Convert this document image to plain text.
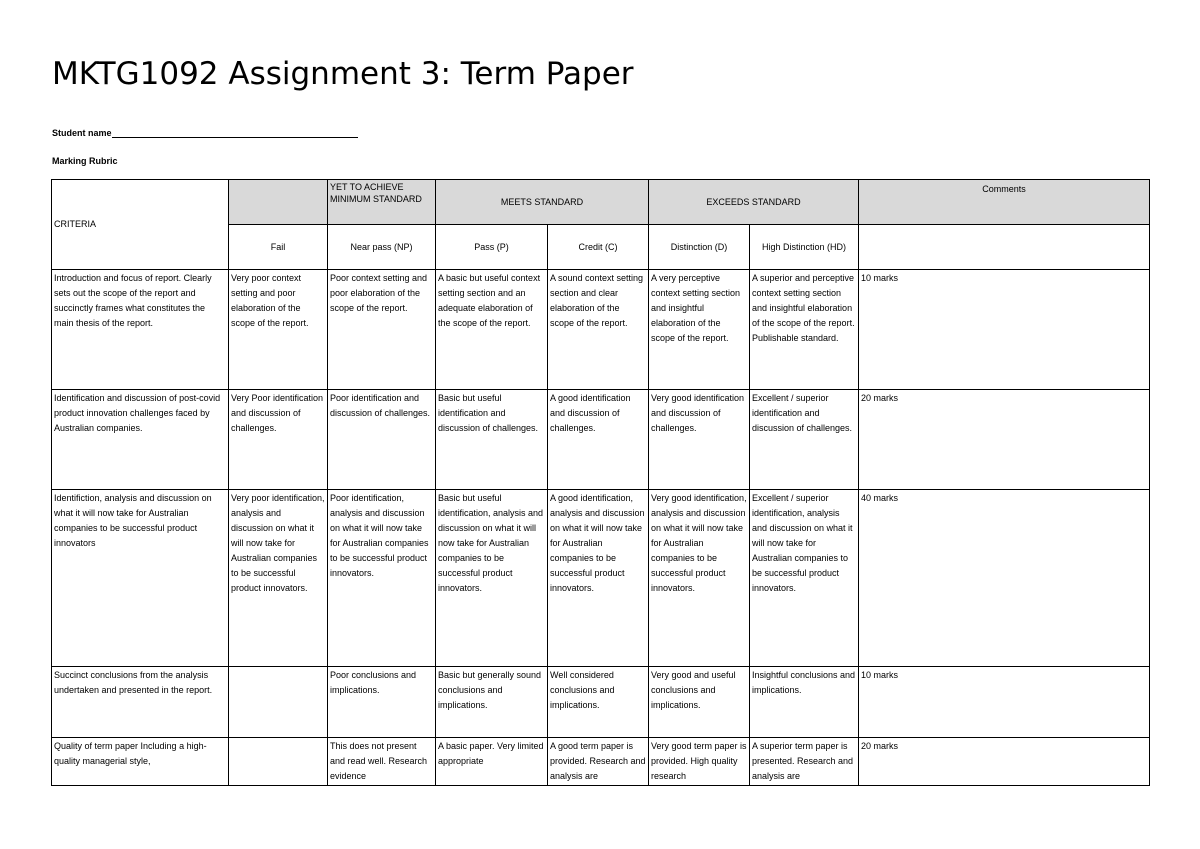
MKTG1092 Assignment 3: Term Paper
Student name
Marking Rubric
CRITERIA		YET TO ACHIEVE MINIMUM STANDARD	MEETS STANDARD		EXCEEDS STANDARD		Comments
	Fail	Near pass (NP)	Pass (P)	Credit (C)	Distinction (D)	High Distinction (HD)	
Introduction and focus of report. Clearly sets out the scope of the report and succinctly frames what constitutes the main thesis of the report.	Very poor context setting and poor elaboration of the scope of the report.	Poor context setting and poor elaboration of the scope of the report.	A basic but useful context setting section and an adequate elaboration of the scope of the report.	A sound context setting section and clear elaboration of the scope of the report.	A very perceptive context setting section and insightful elaboration of the scope of the report.	A superior and perceptive context setting section and insightful elaboration of the scope of the report. Publishable standard.	10 marks
Identification and discussion of post-covid product innovation challenges faced by Australian companies.	Very Poor identification and discussion of challenges.	Poor identification and discussion of challenges.	Basic but useful identification and discussion of challenges.	A good identification and discussion of challenges.	Very good identification and discussion of challenges.	Excellent / superior identification and discussion of challenges.	20 marks
Identifiction, analysis and discussion on what it will now take for Australian companies to be successful product innovators	Very poor identification, analysis and discussion on what it will now take for Australian companies to be successful product innovators.	Poor identification, analysis and discussion on what it will now take for Australian companies to be successful product innovators.	Basic but useful identification, analysis and discussion on what it will now take for Australian companies to be successful product innovators.	A good identification, analysis and discussion on what it will now take for Australian companies to be successful product innovators.	Very good identification, analysis and discussion on what it will now take for Australian companies to be successful product innovators.	Excellent / superior identification, analysis and discussion on what it will now take for Australian companies to be successful product innovators.	40 marks
Succinct conclusions from the analysis undertaken and presented in the report.		Poor conclusions and implications.	Basic but generally sound conclusions and implications.	Well considered conclusions and implications.	Very good and useful conclusions and implications.	Insightful conclusions and implications.	10 marks
Quality of term paper Including a high-quality managerial style,		This does not present and read well. Research evidence	A basic paper. Very limited appropriate	A good term paper is provided. Research and analysis are	Very good term paper is provided. High quality research	A superior term paper is presented. Research and analysis are	20 marks
